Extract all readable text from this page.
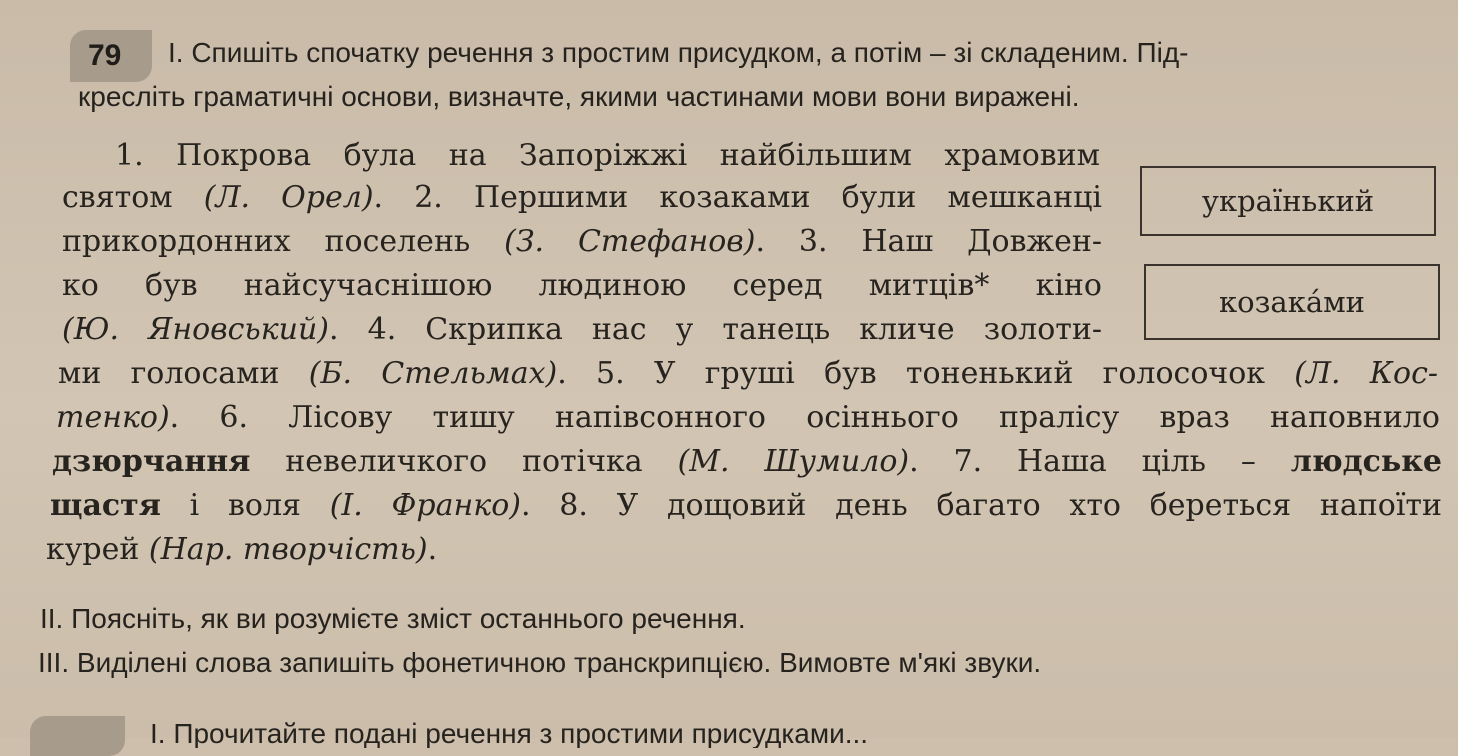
79	I. Спишіть спочатку речення з простим присудком, а потім – зі складеним. Під-
кресліть граматичні основи, визначте, якими частинами мови вони виражені.
1. Покрова була на Запоріжжі найбільшим храмовим
святом (Л. Орел). 2. Першими козаками були мешканці
прикордонних поселень (З. Стефанов). 3. Наш Довжен-
ко був найсучаснішою людиною серед митців* кіно
(Ю. Яновський). 4. Скрипка нас у танець кличе золоти-
ми голосами (Б. Стельмах). 5. У груші був тоненький голосочок (Л. Кос-
тенко). 6. Лісову тишу напівсонного осіннього пралісу враз наповнило
дзюрчання невеличкого потічка (М. Шумило). 7. Наша ціль – людське
щастя і воля (І. Франко). 8. У дощовий день багато хто береться напоїти
курей (Нар. творчість).
українький
козака́ми
II. Поясніть, як ви розумієте зміст останнього речення.
III. Виділені слова запишіть фонетичною транскрипцією. Вимовте м'які звуки.
І. Прочитайте подані речення з простими присудками...
